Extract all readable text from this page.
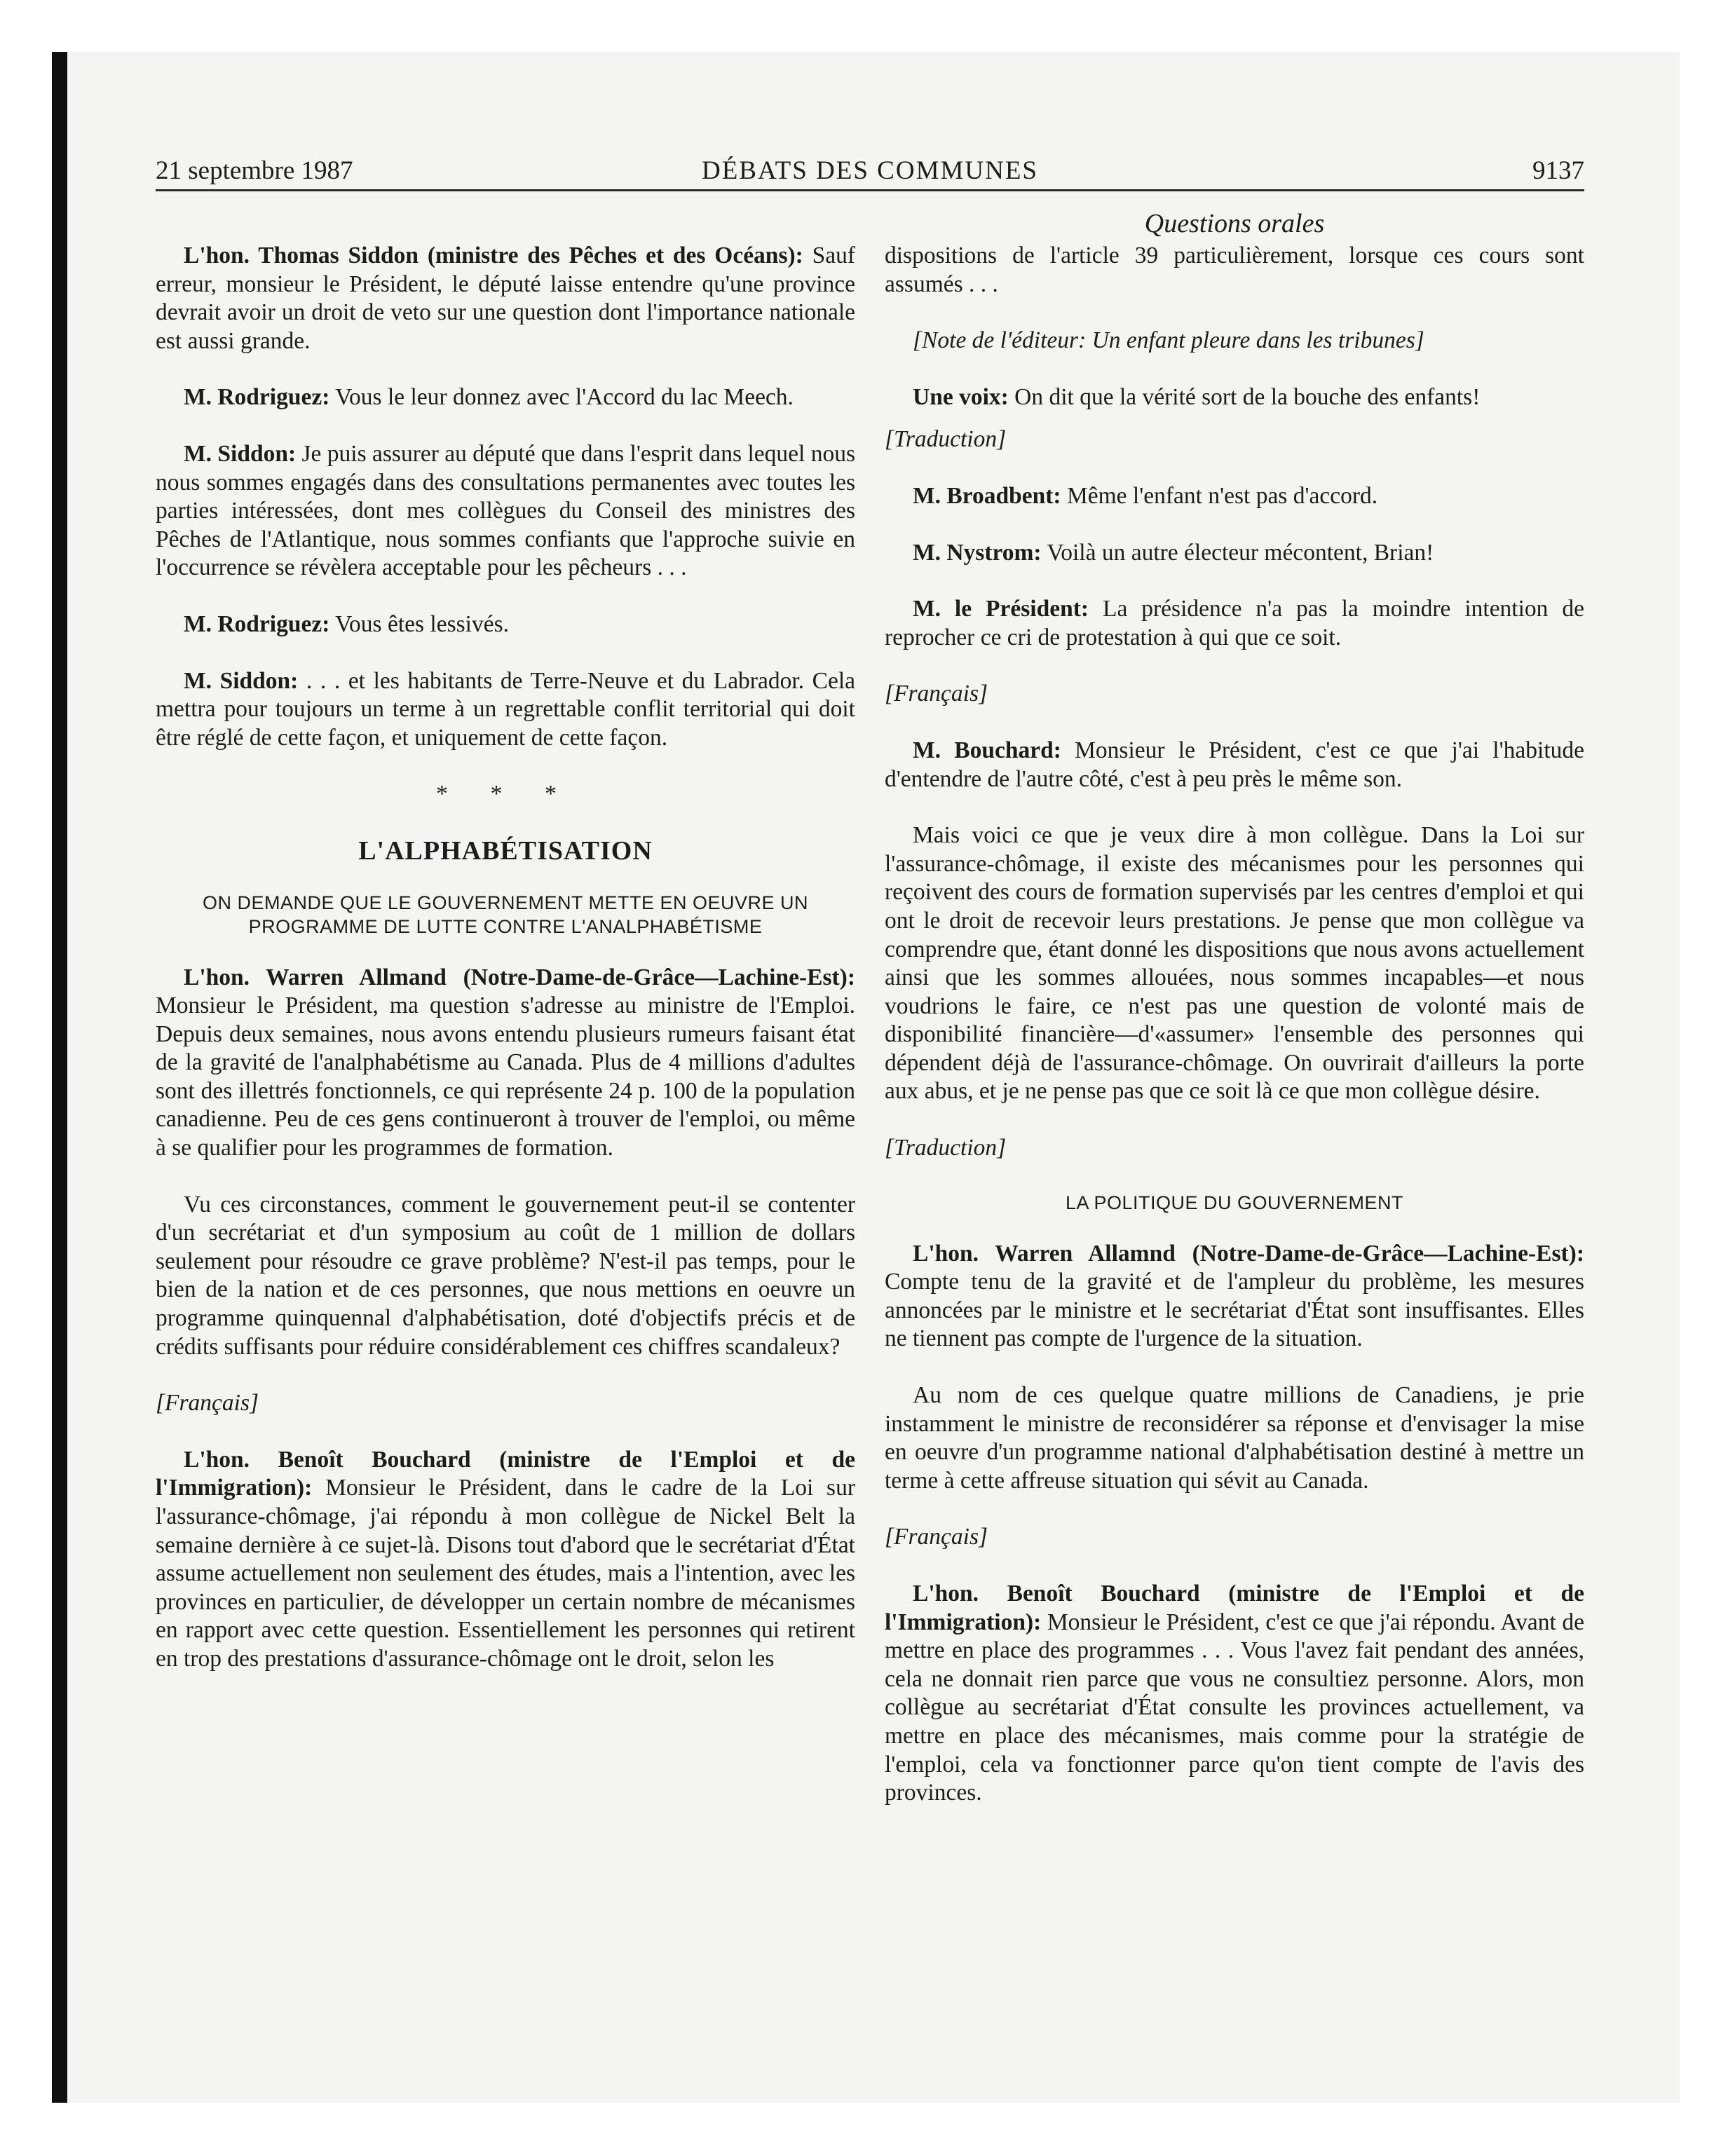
21 septembre 1987	DÉBATS DES COMMUNES	9137
Questions orales

L'hon. Thomas Siddon (ministre des Pêches et des Océans): Sauf erreur, monsieur le Président, le député laisse entendre qu'une province devrait avoir un droit de veto sur une question dont l'importance nationale est aussi grande.

M. Rodriguez: Vous le leur donnez avec l'Accord du lac Meech.

M. Siddon: Je puis assurer au député que dans l'esprit dans lequel nous nous sommes engagés dans des consultations permanentes avec toutes les parties intéressées, dont mes collègues du Conseil des ministres des Pêches de l'Atlantique, nous sommes confiants que l'approche suivie en l'occurrence se révèlera acceptable pour les pêcheurs . . .

M. Rodriguez: Vous êtes lessivés.

M. Siddon: . . . et les habitants de Terre-Neuve et du Labrador. Cela mettra pour toujours un terme à un regrettable conflit territorial qui doit être réglé de cette façon, et uniquement de cette façon.

* * *
L'ALPHABÉTISATION
ON DEMANDE QUE LE GOUVERNEMENT METTE EN OEUVRE UN PROGRAMME DE LUTTE CONTRE L'ANALPHABÉTISME

L'hon. Warren Allmand (Notre-Dame-de-Grâce—Lachine-Est): Monsieur le Président, ma question s'adresse au ministre de l'Emploi. Depuis deux semaines, nous avons entendu plusieurs rumeurs faisant état de la gravité de l'analphabétisme au Canada. Plus de 4 millions d'adultes sont des illettrés fonctionnels, ce qui représente 24 p. 100 de la population canadienne. Peu de ces gens continueront à trouver de l'emploi, ou même à se qualifier pour les programmes de formation.

Vu ces circonstances, comment le gouvernement peut-il se contenter d'un secrétariat et d'un symposium au coût de 1 million de dollars seulement pour résoudre ce grave problème? N'est-il pas temps, pour le bien de la nation et de ces personnes, que nous mettions en oeuvre un programme quinquennal d'alphabétisation, doté d'objectifs précis et de crédits suffisants pour réduire considérablement ces chiffres scandaleux?

[Français]

L'hon. Benoît Bouchard (ministre de l'Emploi et de l'Immigration): Monsieur le Président, dans le cadre de la Loi sur l'assurance-chômage, j'ai répondu à mon collègue de Nickel Belt la semaine dernière à ce sujet-là. Disons tout d'abord que le secrétariat d'État assume actuellement non seulement des études, mais a l'intention, avec les provinces en particulier, de développer un certain nombre de mécanismes en rapport avec cette question. Essentiellement les personnes qui retirent en trop des prestations d'assurance-chômage ont le droit, selon les

dispositions de l'article 39 particulièrement, lorsque ces cours sont assumés . . .

[Note de l'éditeur: Un enfant pleure dans les tribunes]

Une voix: On dit que la vérité sort de la bouche des enfants!

[Traduction]

M. Broadbent: Même l'enfant n'est pas d'accord.

M. Nystrom: Voilà un autre électeur mécontent, Brian!

M. le Président: La présidence n'a pas la moindre intention de reprocher ce cri de protestation à qui que ce soit.

[Français]

M. Bouchard: Monsieur le Président, c'est ce que j'ai l'habitude d'entendre de l'autre côté, c'est à peu près le même son.

Mais voici ce que je veux dire à mon collègue. Dans la Loi sur l'assurance-chômage, il existe des mécanismes pour les personnes qui reçoivent des cours de formation supervisés par les centres d'emploi et qui ont le droit de recevoir leurs prestations. Je pense que mon collègue va comprendre que, étant donné les dispositions que nous avons actuellement ainsi que les sommes allouées, nous sommes incapables—et nous voudrions le faire, ce n'est pas une question de volonté mais de disponibilité financière—d'«assumer» l'ensemble des personnes qui dépendent déjà de l'assurance-chômage. On ouvrirait d'ailleurs la porte aux abus, et je ne pense pas que ce soit là ce que mon collègue désire.

[Traduction]

LA POLITIQUE DU GOUVERNEMENT

L'hon. Warren Allamnd (Notre-Dame-de-Grâce—Lachine-Est): Compte tenu de la gravité et de l'ampleur du problème, les mesures annoncées par le ministre et le secrétariat d'État sont insuffisantes. Elles ne tiennent pas compte de l'urgence de la situation.

Au nom de ces quelque quatre millions de Canadiens, je prie instamment le ministre de reconsidérer sa réponse et d'envisager la mise en oeuvre d'un programme national d'alphabétisation destiné à mettre un terme à cette affreuse situation qui sévit au Canada.

[Français]

L'hon. Benoît Bouchard (ministre de l'Emploi et de l'Immigration): Monsieur le Président, c'est ce que j'ai répondu. Avant de mettre en place des programmes . . . Vous l'avez fait pendant des années, cela ne donnait rien parce que vous ne consultiez personne. Alors, mon collègue au secrétariat d'État consulte les provinces actuellement, va mettre en place des mécanismes, mais comme pour la stratégie de l'emploi, cela va fonctionner parce qu'on tient compte de l'avis des provinces.
